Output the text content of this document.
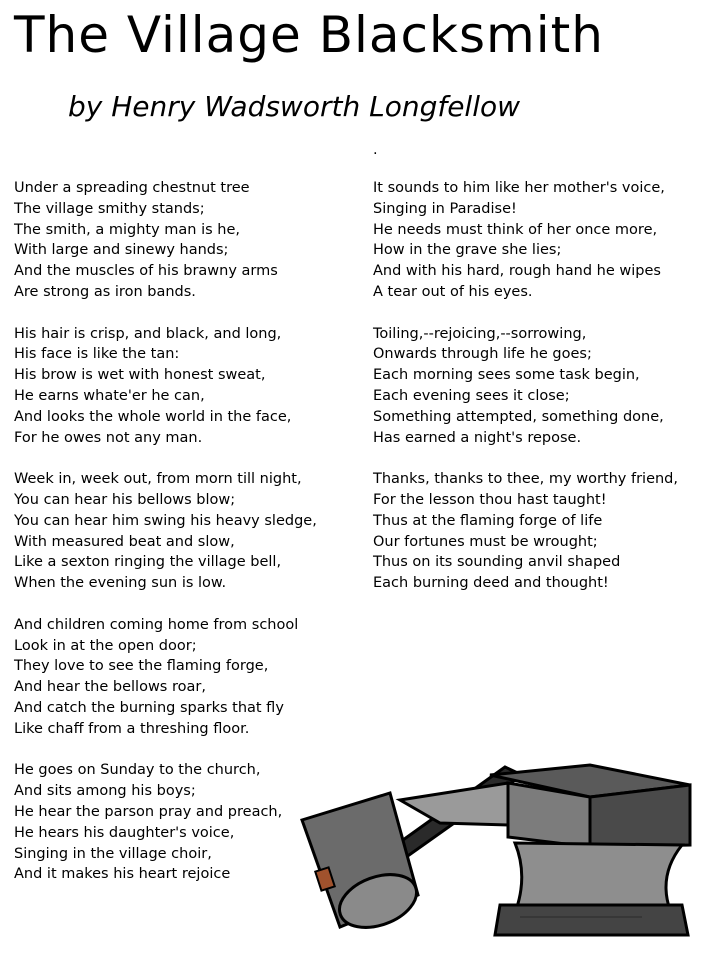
The Village Blacksmith
by Henry Wadsworth Longfellow
Under a spreading chestnut tree
The village smithy stands;
The smith, a mighty man is he,
With large and sinewy hands;
And the muscles of his brawny arms
Are strong as iron bands.
His hair is crisp, and black, and long,
His face is like the tan:
His brow is wet with honest sweat,
He earns whate'er he can,
And looks the whole world in the face,
For he owes not any man.
Week in, week out, from morn till night,
You can hear his bellows blow;
You can hear him swing his heavy sledge,
With measured beat and slow,
Like a sexton ringing the village bell,
When the evening sun is low.
And children coming home from school
Look in at the open door;
They love to see the flaming forge,
And hear the bellows roar,
And catch the burning sparks that fly
Like chaff from a threshing floor.
He goes on Sunday to the church,
And sits among his boys;
He hear the parson pray and preach,
He hears his daughter's voice,
Singing in the village choir,
And it makes his heart rejoice
.
It sounds to him like her mother's voice,
Singing in Paradise!
He needs must think of her once more,
How in the grave she lies;
And with his hard, rough hand he wipes
A tear out of his eyes.
Toiling,--rejoicing,--sorrowing,
Onwards through life he goes;
Each morning sees some task begin,
Each evening sees it close;
Something attempted, something done,
Has earned a night's repose.
Thanks, thanks to thee, my worthy friend,
For the lesson thou hast taught!
Thus at the flaming forge of life
Our fortunes must be wrought;
Thus on its sounding anvil shaped
Each burning deed and thought!
